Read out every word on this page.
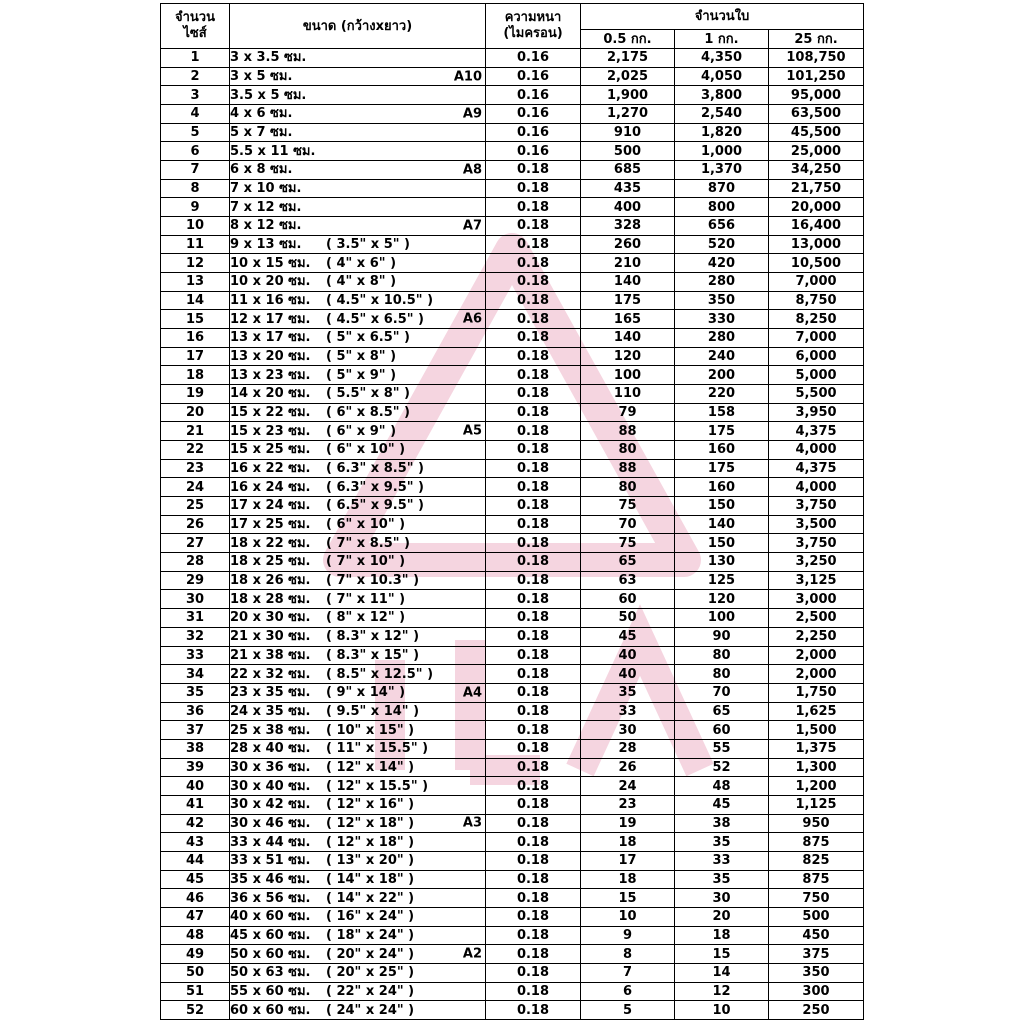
จำนวน
ไซส์	ขนาด (กว้างxยาว)	ความหนา
(ไมครอน)	จำนวนใบ		
			0.5 กก.	1 กก.	25 กก.
1	3 x 3.5 ซม.	0.16	2,175	4,350	108,750
2	3 x 5 ซม. A10	0.16	2,025	4,050	101,250
3	3.5 x 5 ซม.	0.16	1,900	3,800	95,000
4	4 x 6 ซม. A9	0.16	1,270	2,540	63,500
5	5 x 7 ซม.	0.16	910	1,820	45,500
6	5.5 x 11 ซม.	0.16	500	1,000	25,000
7	6 x 8 ซม. A8	0.18	685	1,370	34,250
8	7 x 10 ซม.	0.18	435	870	21,750
9	7 x 12 ซม.	0.18	400	800	20,000
10	8 x 12 ซม. A7	0.18	328	656	16,400
11	9 x 13 ซม. ( 3.5" x 5" )	0.18	260	520	13,000
12	10 x 15 ซม. ( 4" x 6" )	0.18	210	420	10,500
13	10 x 20 ซม. ( 4" x 8" )	0.18	140	280	7,000
14	11 x 16 ซม. ( 4.5" x 10.5" )	0.18	175	350	8,750
15	12 x 17 ซม. ( 4.5" x 6.5" ) A6	0.18	165	330	8,250
16	13 x 17 ซม. ( 5" x 6.5" )	0.18	140	280	7,000
17	13 x 20 ซม. ( 5" x 8" )	0.18	120	240	6,000
18	13 x 23 ซม. ( 5" x 9" )	0.18	100	200	5,000
19	14 x 20 ซม. ( 5.5" x 8" )	0.18	110	220	5,500
20	15 x 22 ซม. ( 6" x 8.5" )	0.18	79	158	3,950
21	15 x 23 ซม. ( 6" x 9" ) A5	0.18	88	175	4,375
22	15 x 25 ซม. ( 6" x 10" )	0.18	80	160	4,000
23	16 x 22 ซม. ( 6.3" x 8.5" )	0.18	88	175	4,375
24	16 x 24 ซม. ( 6.3" x 9.5" )	0.18	80	160	4,000
25	17 x 24 ซม. ( 6.5" x 9.5" )	0.18	75	150	3,750
26	17 x 25 ซม. ( 6" x 10" )	0.18	70	140	3,500
27	18 x 22 ซม. ( 7" x 8.5" )	0.18	75	150	3,750
28	18 x 25 ซม. ( 7" x 10" )	0.18	65	130	3,250
29	18 x 26 ซม. ( 7" x 10.3" )	0.18	63	125	3,125
30	18 x 28 ซม. ( 7" x 11" )	0.18	60	120	3,000
31	20 x 30 ซม. ( 8" x 12" )	0.18	50	100	2,500
32	21 x 30 ซม. ( 8.3" x 12" )	0.18	45	90	2,250
33	21 x 38 ซม. ( 8.3" x 15" )	0.18	40	80	2,000
34	22 x 32 ซม. ( 8.5" x 12.5" )	0.18	40	80	2,000
35	23 x 35 ซม. ( 9" x 14" ) A4	0.18	35	70	1,750
36	24 x 35 ซม. ( 9.5" x 14" )	0.18	33	65	1,625
37	25 x 38 ซม. ( 10" x 15" )	0.18	30	60	1,500
38	28 x 40 ซม. ( 11" x 15.5" )	0.18	28	55	1,375
39	30 x 36 ซม. ( 12" x 14" )	0.18	26	52	1,300
40	30 x 40 ซม. ( 12" x 15.5" )	0.18	24	48	1,200
41	30 x 42 ซม. ( 12" x 16" )	0.18	23	45	1,125
42	30 x 46 ซม. ( 12" x 18" ) A3	0.18	19	38	950
43	33 x 44 ซม. ( 12" x 18" )	0.18	18	35	875
44	33 x 51 ซม. ( 13" x 20" )	0.18	17	33	825
45	35 x 46 ซม. ( 14" x 18" )	0.18	18	35	875
46	36 x 56 ซม. ( 14" x 22" )	0.18	15	30	750
47	40 x 60 ซม. ( 16" x 24" )	0.18	10	20	500
48	45 x 60 ซม. ( 18" x 24" )	0.18	9	18	450
49	50 x 60 ซม. ( 20" x 24" ) A2	0.18	8	15	375
50	50 x 63 ซม. ( 20" x 25" )	0.18	7	14	350
51	55 x 60 ซม. ( 22" x 24" )	0.18	6	12	300
52	60 x 60 ซม. ( 24" x 24" )	0.18	5	10	250
